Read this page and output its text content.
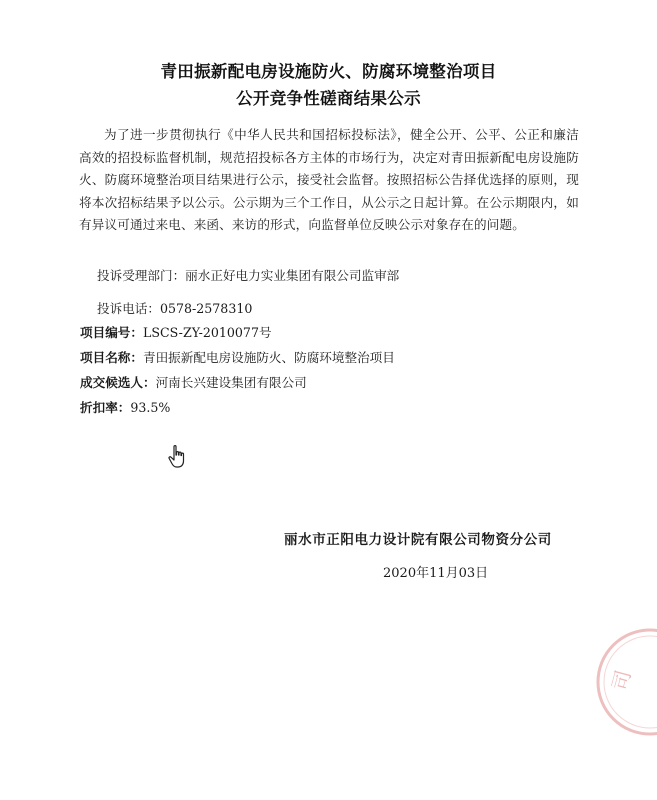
青田振新配电房设施防火、防腐环境整治项目
公开竞争性磋商结果公示

为了进一步贯彻执行《中华人民共和国招标投标法》，健全公开、公平、公正和廉洁高效的招投标监督机制，规范招投标各方主体的市场行为，决定对青田振新配电房设施防火、防腐环境整治项目结果进行公示，接受社会监督。按照招标公告择优选择的原则，现将本次招标结果予以公示。公示期为三个工作日，从公示之日起计算。在公示期限内，如有异议可通过来电、来函、来访的形式，向监督单位反映公示对象存在的问题。

投诉受理部门：丽水正好电力实业集团有限公司监审部
投诉电话：0578-2578310
项目编号：LSCS-ZY-2010077号
项目名称：青田振新配电房设施防火、防腐环境整治项目
成交候选人：河南长兴建设集团有限公司
折扣率：93.5%
丽水市正阳电力设计院有限公司物资分公司
2020年11月03日
司
